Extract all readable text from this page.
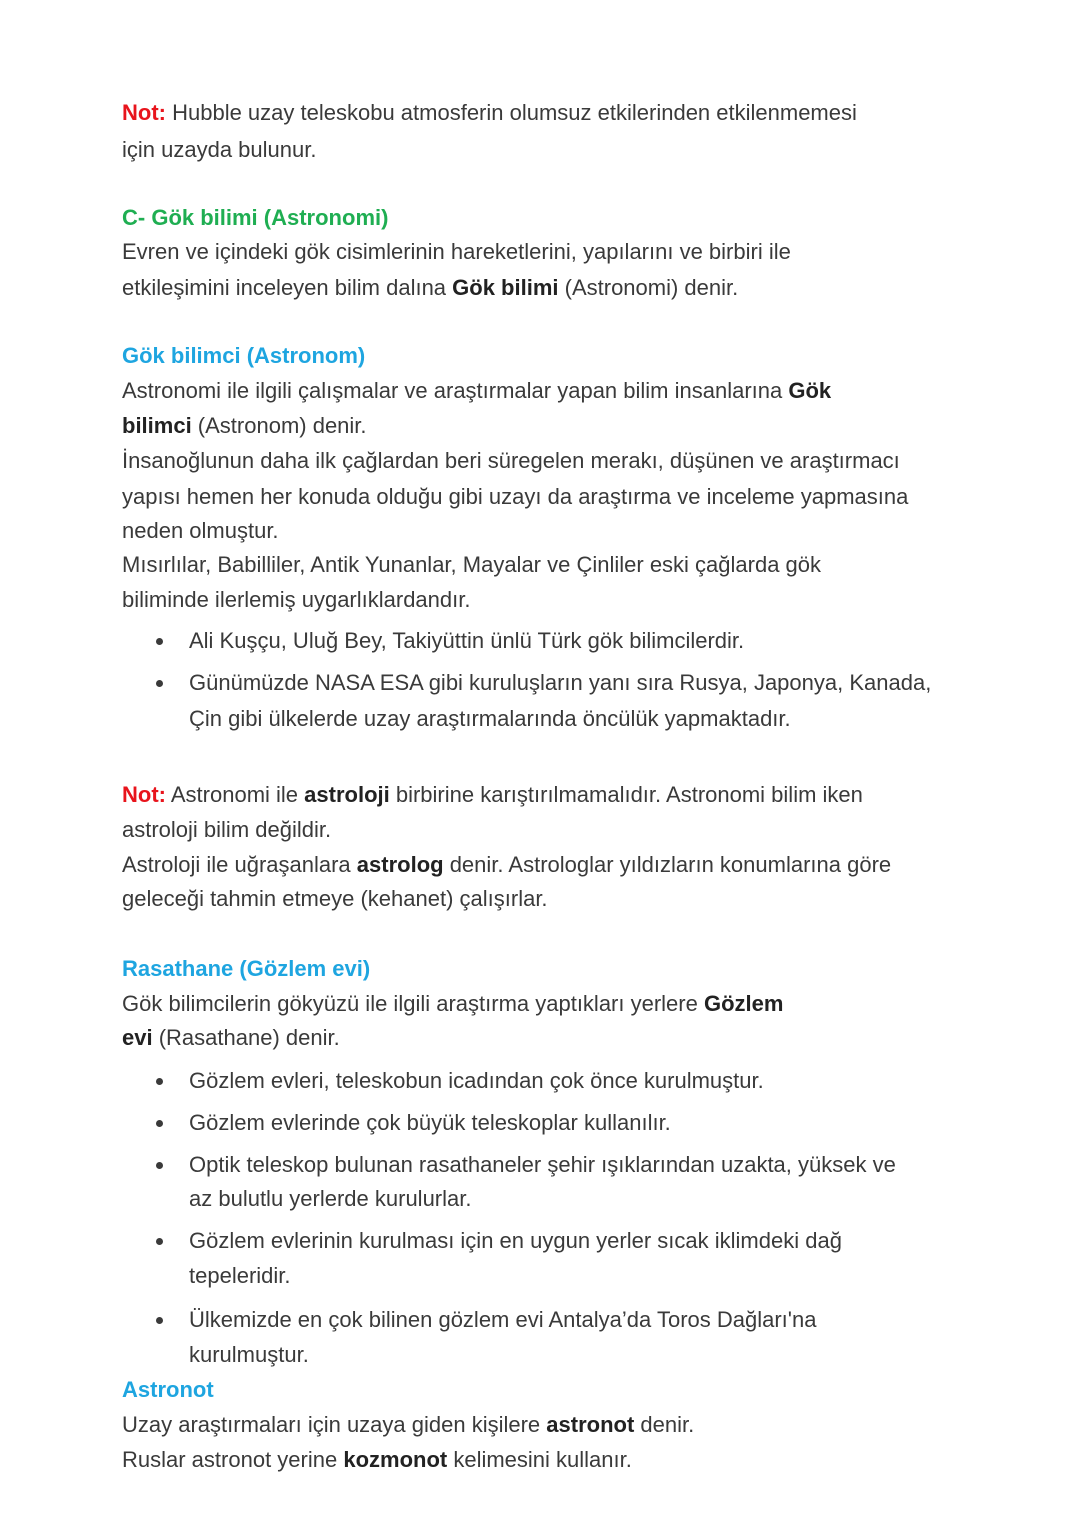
Not: Hubble uzay teleskobu atmosferin olumsuz etkilerinden etkilenmemesi
için uzayda bulunur.
C- Gök bilimi (Astronomi)
Evren ve içindeki gök cisimlerinin hareketlerini, yapılarını ve birbiri ile
etkileşimini inceleyen bilim dalına Gök bilimi (Astronomi) denir.
Gök bilimci (Astronom)
Astronomi ile ilgili çalışmalar ve araştırmalar yapan bilim insanlarına Gök
bilimci (Astronom) denir.
İnsanoğlunun daha ilk çağlardan beri süregelen merakı, düşünen ve araştırmacı
yapısı hemen her konuda olduğu gibi uzayı da araştırma ve inceleme yapmasına
neden olmuştur.
Mısırlılar, Babilliler, Antik Yunanlar, Mayalar ve Çinliler eski çağlarda gök
biliminde ilerlemiş uygarlıklardandır.
Ali Kuşçu, Uluğ Bey, Takiyüttin ünlü Türk gök bilimcilerdir.
Günümüzde NASA ESA gibi kuruluşların yanı sıra Rusya, Japonya, Kanada,
Çin gibi ülkelerde uzay araştırmalarında öncülük yapmaktadır.
Not: Astronomi ile astroloji birbirine karıştırılmamalıdır. Astronomi bilim iken
astroloji bilim değildir.
Astroloji ile uğraşanlara astrolog denir. Astrologlar yıldızların konumlarına göre
geleceği tahmin etmeye (kehanet) çalışırlar.
Rasathane (Gözlem evi)
Gök bilimcilerin gökyüzü ile ilgili araştırma yaptıkları yerlere Gözlem
evi (Rasathane) denir.
Gözlem evleri, teleskobun icadından çok önce kurulmuştur.
Gözlem evlerinde çok büyük teleskoplar kullanılır.
Optik teleskop bulunan rasathaneler şehir ışıklarından uzakta, yüksek ve
az bulutlu yerlerde kurulurlar.
Gözlem evlerinin kurulması için en uygun yerler sıcak iklimdeki dağ
tepeleridir.
Ülkemizde en çok bilinen gözlem evi Antalya’da Toros Dağları'na
kurulmuştur.
Astronot
Uzay araştırmaları için uzaya giden kişilere astronot denir.
Ruslar astronot yerine kozmonot kelimesini kullanır.
